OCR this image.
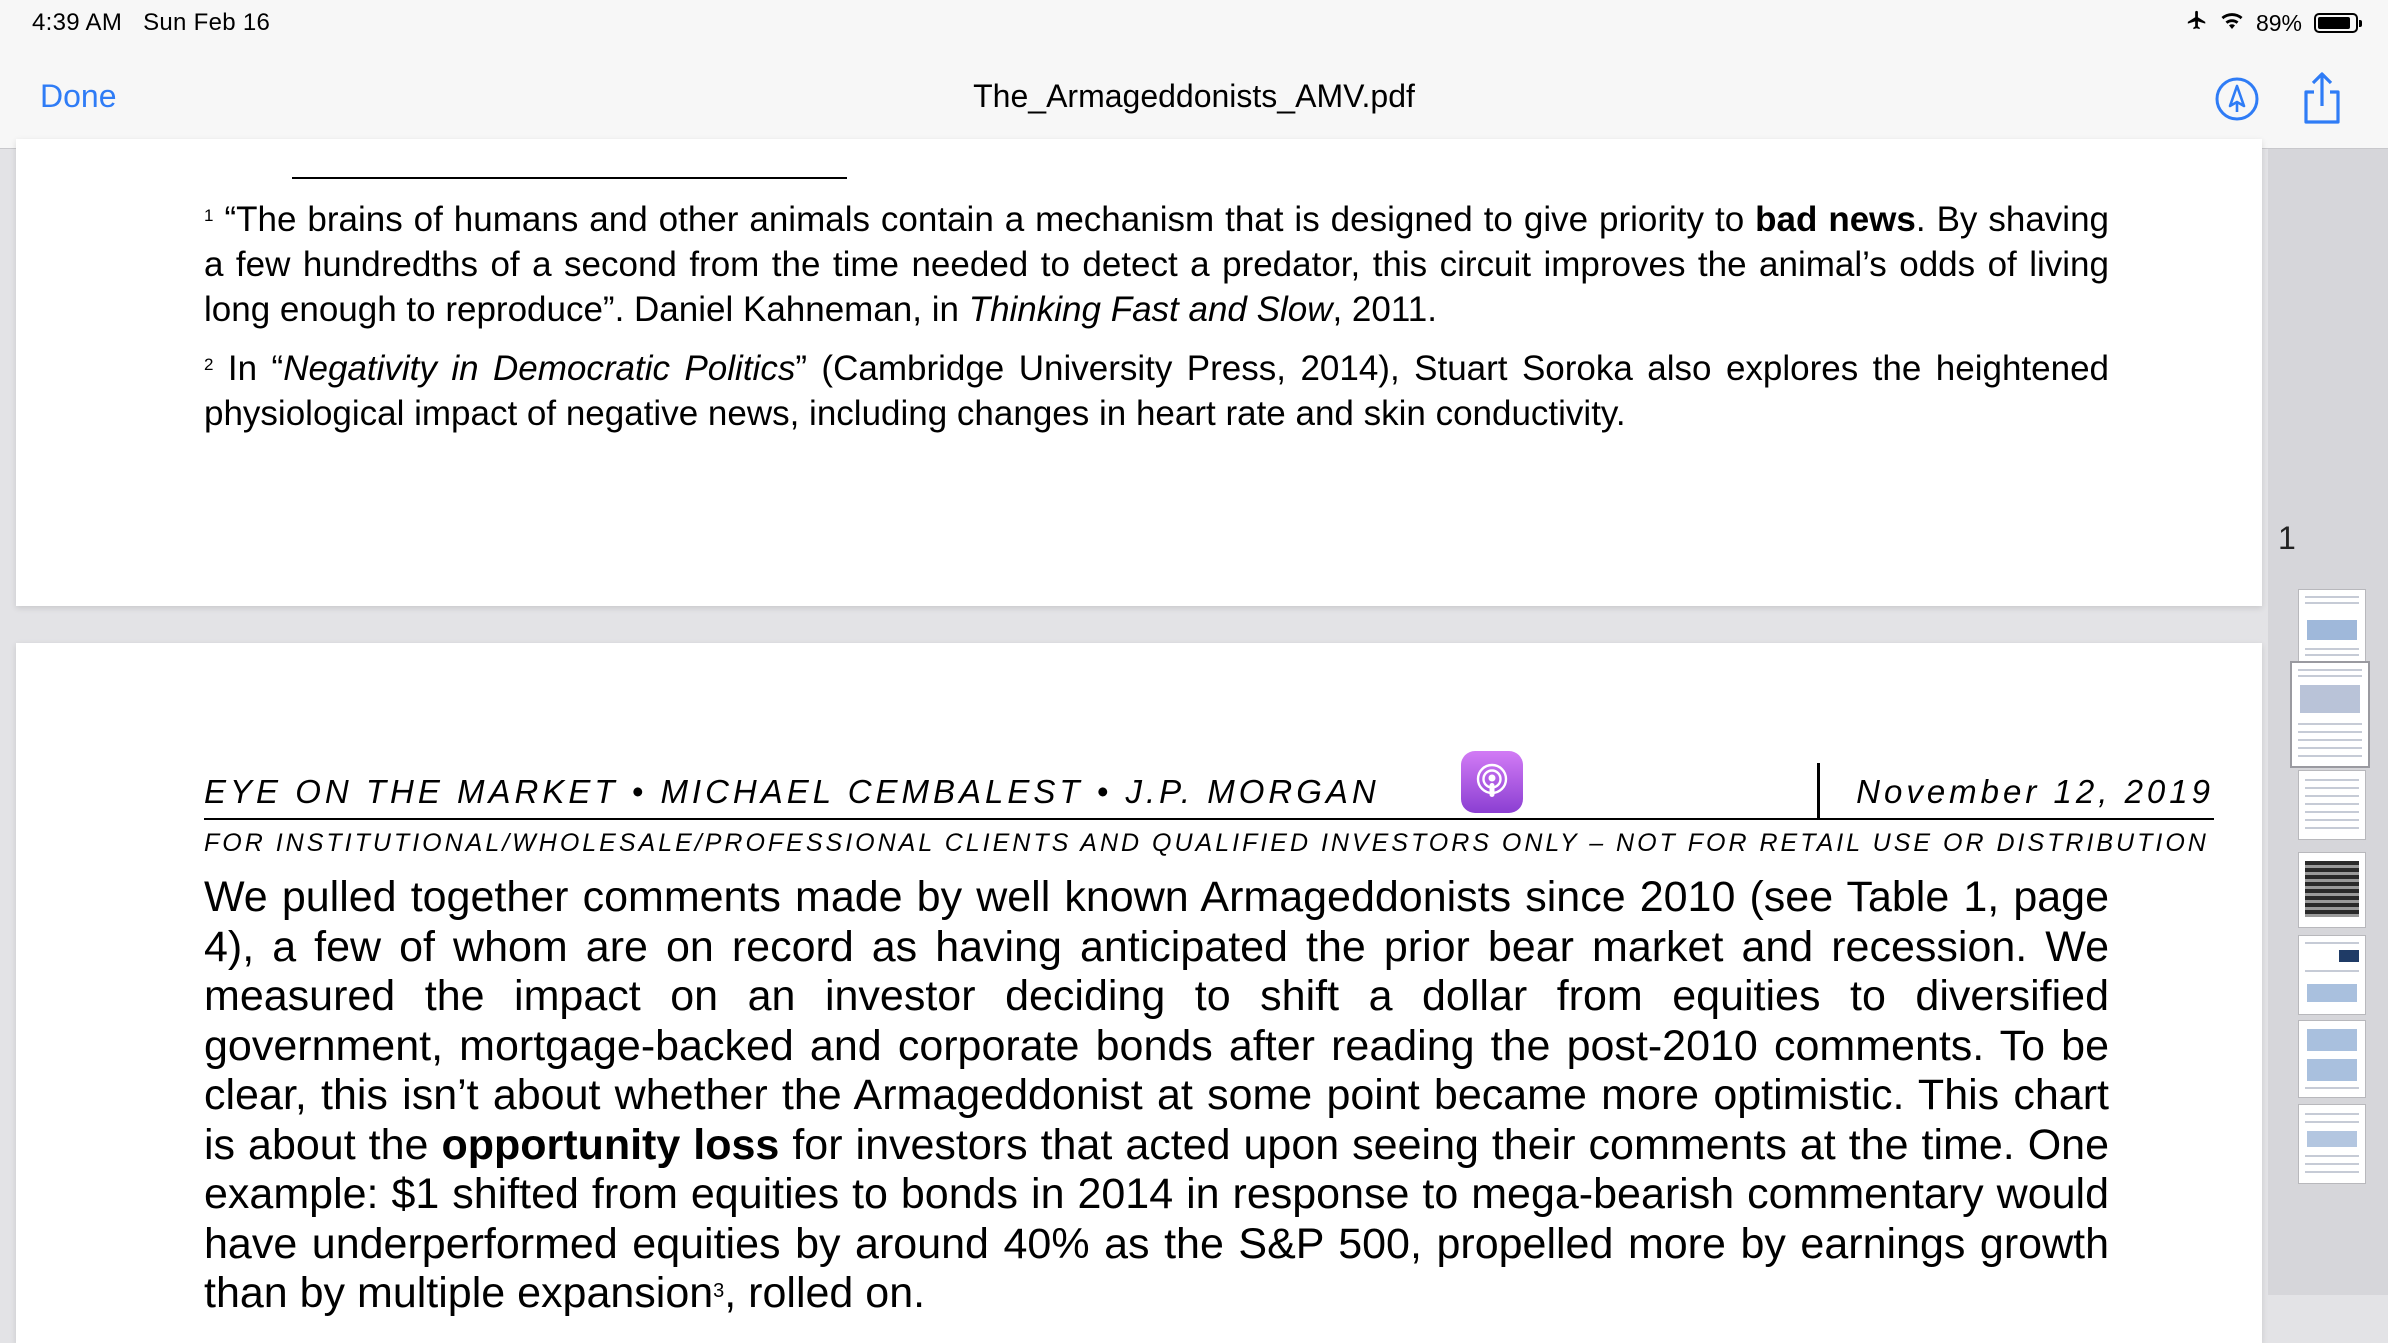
4:39 AM Sun Feb 16	89%
Done	The_Armageddonists_AMV.pdf
$^1$ “The brains of humans and other animals contain a mechanism that is designed to give priority to bad news. By shaving a few hundredths of a second from the time needed to detect a predator, this circuit improves the animal’s odds of living long enough to reproduce”. Daniel Kahneman, in Thinking Fast and Slow, 2011.
$^2$ In “Negativity in Democratic Politics” (Cambridge University Press, 2014), Stuart Soroka also explores the heightened physiological impact of negative news, including changes in heart rate and skin conductivity.
EYE ON THE MARKET • MICHAEL CEMBALEST • J.P. MORGAN	November 12, 2019
FOR INSTITUTIONAL/WHOLESALE/PROFESSIONAL CLIENTS AND QUALIFIED INVESTORS ONLY – NOT FOR RETAIL USE OR DISTRIBUTION
We pulled together comments made by well known Armageddonists since 2010 (see Table 1, page 4), a few of whom are on record as having anticipated the prior bear market and recession. We measured the impact on an investor deciding to shift a dollar from equities to diversified government, mortgage-backed and corporate bonds after reading the post-2010 comments. To be clear, this isn’t about whether the Armageddonist at some point became more optimistic. This chart is about the opportunity loss for investors that acted upon seeing their comments at the time. One example: $1 shifted from equities to bonds in 2014 in response to mega-bearish commentary would have underperformed equities by around 40% as the S&P 500, propelled more by earnings growth than by multiple expansion$^3$, rolled on.
1
